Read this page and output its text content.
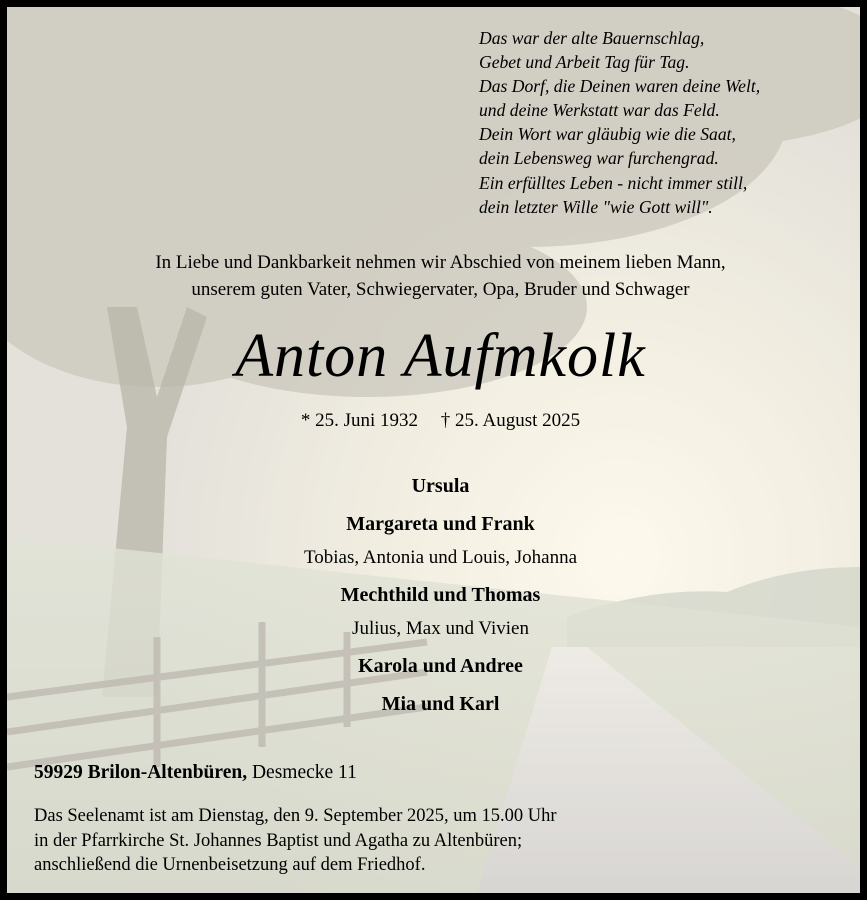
Das war der alte Bauernschlag,
Gebet und Arbeit Tag für Tag.
Das Dorf, die Deinen waren deine Welt,
und deine Werkstatt war das Feld.
Dein Wort war gläubig wie die Saat,
dein Lebensweg war furchengrad.
Ein erfülltes Leben - nicht immer still,
dein letzter Wille "wie Gott will".
In Liebe und Dankbarkeit nehmen wir Abschied von meinem lieben Mann,
unserem guten Vater, Schwiegervater, Opa, Bruder und Schwager
Anton Aufmkolk
* 25. Juni 1932 † 25. August 2025
Ursula
Margareta und Frank
Tobias, Antonia und Louis, Johanna
Mechthild und Thomas
Julius, Max und Vivien
Karola und Andree
Mia und Karl
59929 Brilon-Altenbüren, Desmecke 11
Das Seelenamt ist am Dienstag, den 9. September 2025, um 15.00 Uhr
in der Pfarrkirche St. Johannes Baptist und Agatha zu Altenbüren;
anschließend die Urnenbeisetzung auf dem Friedhof.
